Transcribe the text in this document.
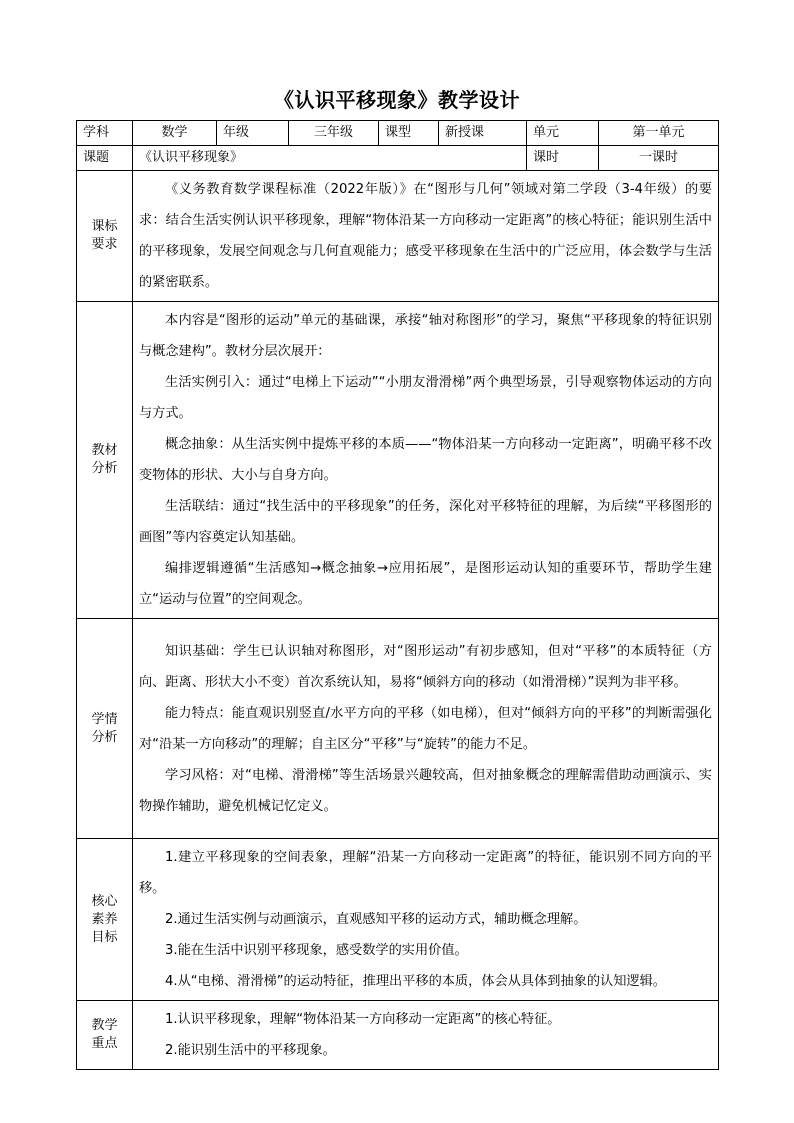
《认识平移现象》教学设计
学科	数学	年级	三年级	课型	新授课	单元	第一单元
课题	《认识平移现象》					课时	一课时

课标要求	《义务教育数学课程标准（2022年版）》在“图形与几何”领域对第二学段（3-4年级）的要求：结合生活实例认识平移现象，理解“物体沿某一方向移动一定距离”的核心特征；能识别生活中的平移现象，发展空间观念与几何直观能力；感受平移现象在生活中的广泛应用，体会数学与生活的紧密联系。						

教材分析	本内容是“图形的运动”单元的基础课，承接“轴对称图形”的学习，聚焦“平移现象的特征识别与概念建构”。教材分层次展开：

生活实例引入：通过“电梯上下运动”“小朋友滑滑梯”两个典型场景，引导观察物体运动的方向与方式。

概念抽象：从生活实例中提炼平移的本质——“物体沿某一方向移动一定距离”，明确平移不改变物体的形状、大小与自身方向。

生活联结：通过“找生活中的平移现象”的任务，深化对平移特征的理解，为后续“平移图形的画图”等内容奠定认知基础。

编排逻辑遵循“生活感知→概念抽象→应用拓展”，是图形运动认知的重要环节，帮助学生建立“运动与位置”的空间观念。						

学情分析	知识基础：学生已认识轴对称图形，对“图形运动”有初步感知，但对“平移”的本质特征（方向、距离、形状大小不变）首次系统认知，易将“倾斜方向的移动（如滑滑梯）”误判为非平移。

能力特点：能直观识别竖直/水平方向的平移（如电梯），但对“倾斜方向的平移”的判断需强化对“沿某一方向移动”的理解；自主区分“平移”与“旋转”的能力不足。

学习风格：对“电梯、滑滑梯”等生活场景兴趣较高，但对抽象概念的理解需借助动画演示、实物操作辅助，避免机械记忆定义。						

核心素养目标	1.建立平移现象的空间表象，理解“沿某一方向移动一定距离”的特征，能识别不同方向的平移。

2.通过生活实例与动画演示，直观感知平移的运动方式，辅助概念理解。

3.能在生活中识别平移现象，感受数学的实用价值。

4.从“电梯、滑滑梯”的运动特征，推理出平移的本质，体会从具体到抽象的认知逻辑。						

教学重点	1.认识平移现象，理解“物体沿某一方向移动一定距离”的核心特征。

2.能识别生活中的平移现象。						
